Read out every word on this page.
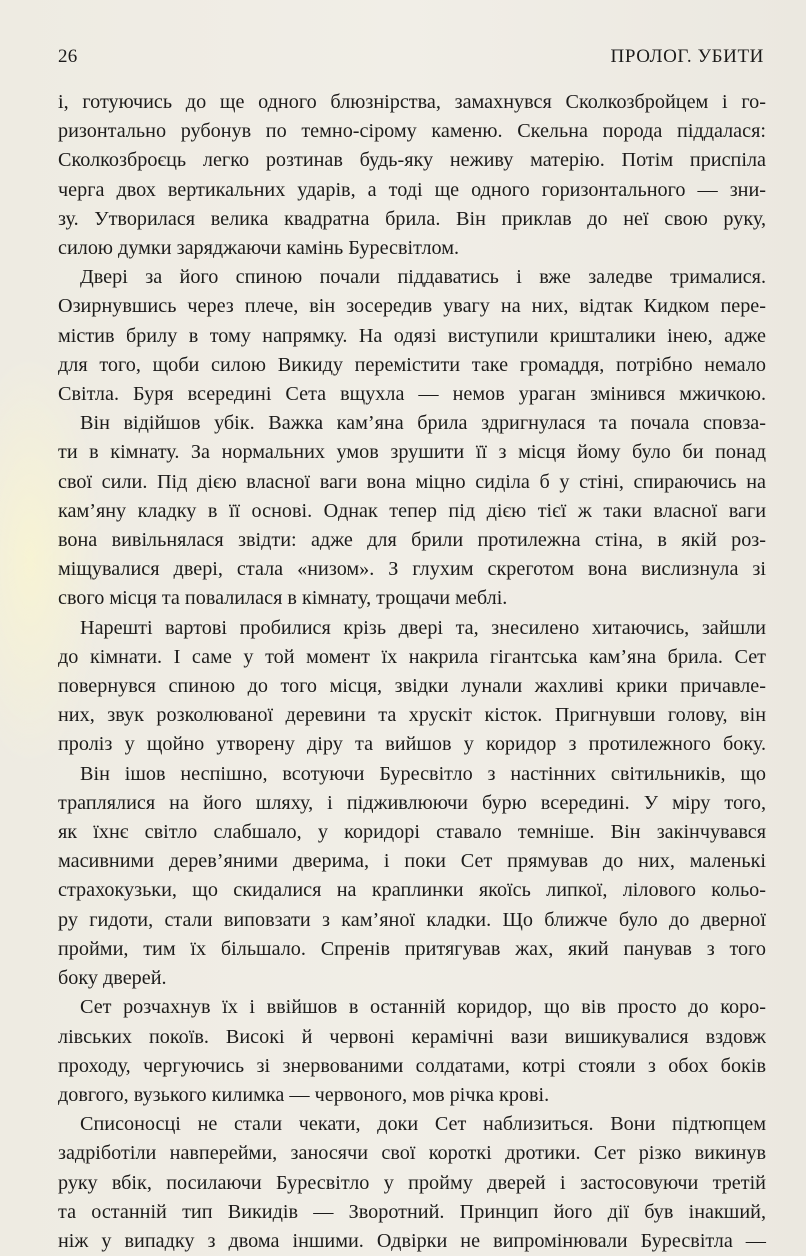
26	ПРОЛОГ. УБИТИ

і, готуючись до ще одного блюзнірства, замахнувся Сколкозбройцем і го-
ризонтально рубонув по темно-сірому каменю. Скельна порода піддалася:
Сколкозброєць легко розтинав будь-яку неживу матерію. Потім приспіла
черга двох вертикальних ударів, а тоді ще одного горизонтального — зни-
зу. Утворилася велика квадратна брила. Він приклав до неї свою руку,
силою думки заряджаючи камінь Буресвітлом.

Двері за його спиною почали піддаватись і вже заледве трималися.
Озирнувшись через плече, він зосередив увагу на них, відтак Кидком пере-
містив брилу в тому напрямку. На одязі виступили кришталики інею, адже
для того, щоби силою Викиду перемістити таке громаддя, потрібно немало
Світла. Буря всередині Сета вщухла — немов ураган змінився мжичкою.

Він відійшов убік. Важка кам’яна брила здригнулася та почала сповза-
ти в кімнату. За нормальних умов зрушити її з місця йому було би понад
свої сили. Під дією власної ваги вона міцно сиділа б у стіні, спираючись на
кам’яну кладку в її основі. Однак тепер під дією тієї ж таки власної ваги
вона вивільнялася звідти: адже для брили протилежна стіна, в якій роз-
міщувалися двері, стала «низом». З глухим скреготом вона вислизнула зі
свого місця та повалилася в кімнату, трощачи меблі.

Нарешті вартові пробилися крізь двері та, знесилено хитаючись, зайшли
до кімнати. І саме у той момент їх накрила гігантська кам’яна брила. Сет
повернувся спиною до того місця, звідки лунали жахливі крики причавле-
них, звук розколюваної деревини та хрускіт кісток. Пригнувши голову, він
проліз у щойно утворену діру та вийшов у коридор з протилежного боку.

Він ішов неспішно, всотуючи Буресвітло з настінних світильників, що
траплялися на його шляху, і підживлюючи бурю всередині. У міру того,
як їхнє світло слабшало, у коридорі ставало темніше. Він закінчувався
масивними дерев’яними дверима, і поки Сет прямував до них, маленькі
страхокузьки, що скидалися на краплинки якоїсь липкої, лілового кольо-
ру гидоти, стали виповзати з кам’яної кладки. Що ближче було до дверної
пройми, тим їх більшало. Спренів притягував жах, який панував з того
боку дверей.

Сет розчахнув їх і ввійшов в останній коридор, що вів просто до коро-
лівських покоїв. Високі й червоні керамічні вази вишикувалися вздовж
проходу, чергуючись зі знервованими солдатами, котрі стояли з обох боків
довгого, вузького килимка — червоного, мов річка крові.

Списоносці не стали чекати, доки Сет наблизиться. Вони підтюпцем
задріботіли навперейми, заносячи свої короткі дротики. Сет різко викинув
руку вбік, посилаючи Буресвітло у пройму дверей і застосовуючи третій
та останній тип Викидів — Зворотний. Принцип його дії був інакший,
ніж у випадку з двома іншими. Одвірки не випромінювали Буресвітла —
